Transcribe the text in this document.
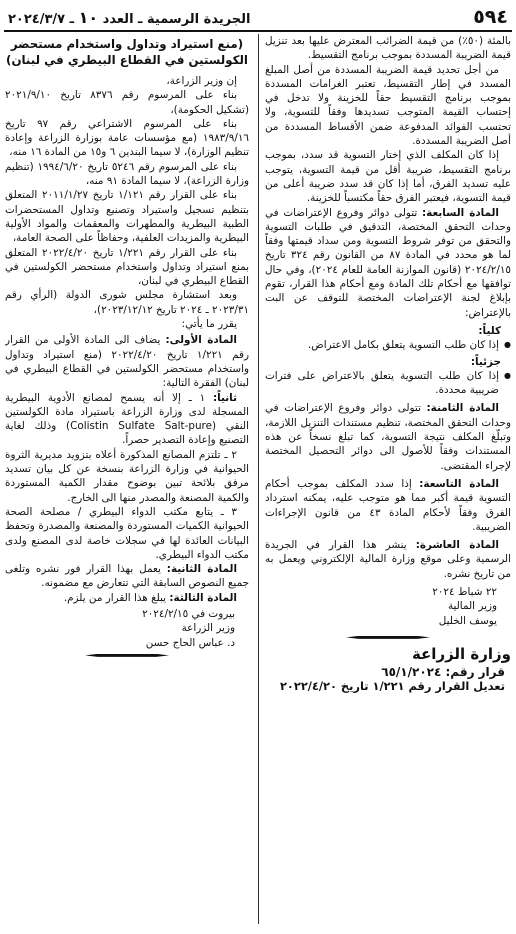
٥٩٤
الجريدة الرسمية ـ العدد ١٠ ـ ٢٠٢٤/٣/٧

بالمئة (٥٠٪) من قيمة الضرائب المعترض عليها بعد تنزيل قيمة الضريبة المسددة بموجب برنامج التقسيط.

من أجل تحديد قيمة الضريبة المسددة من أصل المبلغ المسدد في إطار التقسيط، تعتبر الغرامات المسددة بموجب برنامج التقسيط حقاً للخزينة ولا تدخل في إحتساب القيمة المتوجب تسديدها وفقاً للتسوية، ولا تحتسب الفوائد المدفوعة ضمن الأقساط المسددة من أصل الضريبة المسددة.

إذا كان المكلف الذي إختار التسوية قد سدد، بموجب برنامج التقسيط، ضريبة أقل من قيمة التسوية، يتوجب عليه تسديد الفرق، أما إذا كان قد سدد ضريبة أعلى من قيمة التسوية، فيعتبر الفرق حقاً مكتسباً للخزينة.

المادة السابعة: تتولى دوائر وفروع الإعتراضات في وحدات التحقق المختصة، التدقيق في طلبات التسوية والتحقق من توفر شروط التسوية ومن سداد قيمتها وفقاً لما هو محدد في المادة ٨٧ من القانون رقم ٣٢٤ تاريخ ٢٠٢٤/٢/١٥ (قانون الموازنة العامة للعام ٢٠٢٤)، وفي حال توافقها مع أحكام تلك المادة ومع أحكام هذا القرار، تقوم بإبلاغ لجنة الإعتراضات المختصة للتوقف عن البت بالإعتراض:

كلياً:

● إذا كان طلب التسوية يتعلق بكامل الاعتراض.

جزئياً:

● إذا كان طلب التسوية يتعلق بالاعتراض على فترات ضريبية محددة.

المادة الثامنة: تتولى دوائر وفروع الإعتراضات في وحدات التحقق المختصة، تنظيم مستندات التنزيل اللازمة، وتبلّغ المكلف نتيجة التسوية، كما تبلغ نسخاً عن هذه المستندات وفقاً للأصول الى دوائر التحصيل المختصة لإجراء المقتضى.

المادة التاسعة: إذا سدد المكلف بموجب أحكام التسوية قيمة أكبر مما هو متوجب عليه، يمكنه استرداد الفرق وفقاً لأحكام المادة ٤٣ من قانون الإجراءات الضريبية.

المادة العاشرة: ينشر هذا القرار في الجريدة الرسمية وعلى موقع وزارة المالية الإلكتروني ويعمل به من تاريخ نشره.

٢٢ شباط ٢٠٢٤

وزير المالية

يوسف الخليل

وزارة الزراعة

قرار رقم: ٦٥/١/٢٠٢٤

تعديل القرار رقم ١/٢٢١ تاريخ ٢٠٢٢/٤/٢٠

(منع استيراد وتداول واستخدام مستحضر الكولستين في القطاع البيطري في لبنان)

إن وزير الزراعة،

بناء على المرسوم رقم ٨٣٧٦ تاريخ ٢٠٢١/٩/١٠ (تشكيل الحكومة)،

بناء على المرسوم الاشتراعي رقم ٩٧ تاريخ ١٩٨٣/٩/١٦ (مع مؤسسات عامة بوزارة الزراعة وإعادة تنظيم الوزارة)، لا سيما البندين ٦ و١٥ من المادة ١٦ منه،

بناء على المرسوم رقم ٥٢٤٦ تاريخ ١٩٩٤/٦/٢٠ (تنظيم وزارة الزراعة)، لا سيما المادة ٩١ منه،

بناء على القرار رقم ١/١٢١ تاريخ ٢٠١١/١/٢٧ المتعلق بتنظيم تسجيل واستيراد وتصنيع وتداول المستحضرات الطبية البيطرية والمطهرات والمعقمات والمواد الأولية البيطرية والمزيدات العلفية، وحفاظاً على الصحة العامة،

بناء على القرار رقم ١/٢٢١ تاريخ ٢٠٢٢/٤/٢٠ المتعلق بمنع استيراد وتداول واستخدام مستحضر الكولستين في القطاع البيطري في لبنان،

وبعد استشارة مجلس شورى الدولة (الرأي رقم ٢٠٢٣/٣١ ـ ٢٠٢٤ تاريخ ٢٠٢٣/١٢/١٢)،

يقرر ما يأتي:

المادة الأولى: يضاف الى المادة الأولى من القرار رقم ١/٢٢١ تاريخ ٢٠٢٢/٤/٢٠ (منع استيراد وتداول واستخدام مستحضر الكولستين في القطاع البيطري في لبنان) الفقرة التالية:

ثانياً: ١ ـ إلا أنه يسمح لمصانع الأدوية البيطرية المسجلة لدى وزارة الزراعة باستيراد مادة الكولستين النقي (Colistin Sulfate Salt-pure) وذلك لغاية التصنيع وإعادة التصدير حصراً.

٢ ـ تلتزم المصانع المذكورة أعلاه بتزويد مديرية الثروة الحيوانية في وزارة الزراعة بنسخة عن كل بيان تسديد مرفق بلائحة تبين بوضوح مقدار الكمية المستوردة والكمية المصنعة والمصدر منها الى الخارج.

٣ ـ يتابع مكتب الدواء البيطري / مصلحة الصحة الحيوانية الكميات المستوردة والمصنعة والمصدرة وتحفظ البيانات العائدة لها في سجلات خاصة لدى المصنع ولدى مكتب الدواء البيطري.

المادة الثانية: يعمل بهذا القرار فور نشره وتلغى جميع النصوص السابقة التي تتعارض مع مضمونه.

المادة الثالثة: يبلغ هذا القرار من يلزم.

بيروت في ٢٠٢٤/٢/١٥

وزير الزراعة

د. عباس الحاج حسن
